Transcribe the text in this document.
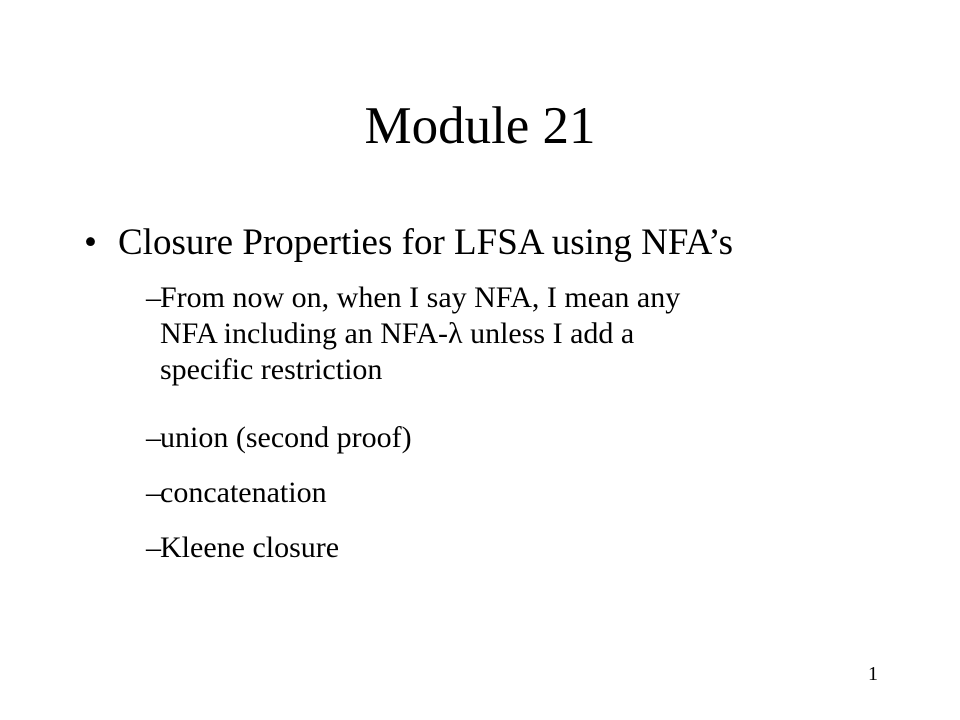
Module 21
• Closure Properties for LFSA using NFA’s
– From now on, when I say NFA, I mean any
NFA including an NFA-λ unless I add a
specific restriction
– union (second proof)
– concatenation
– Kleene closure
1
